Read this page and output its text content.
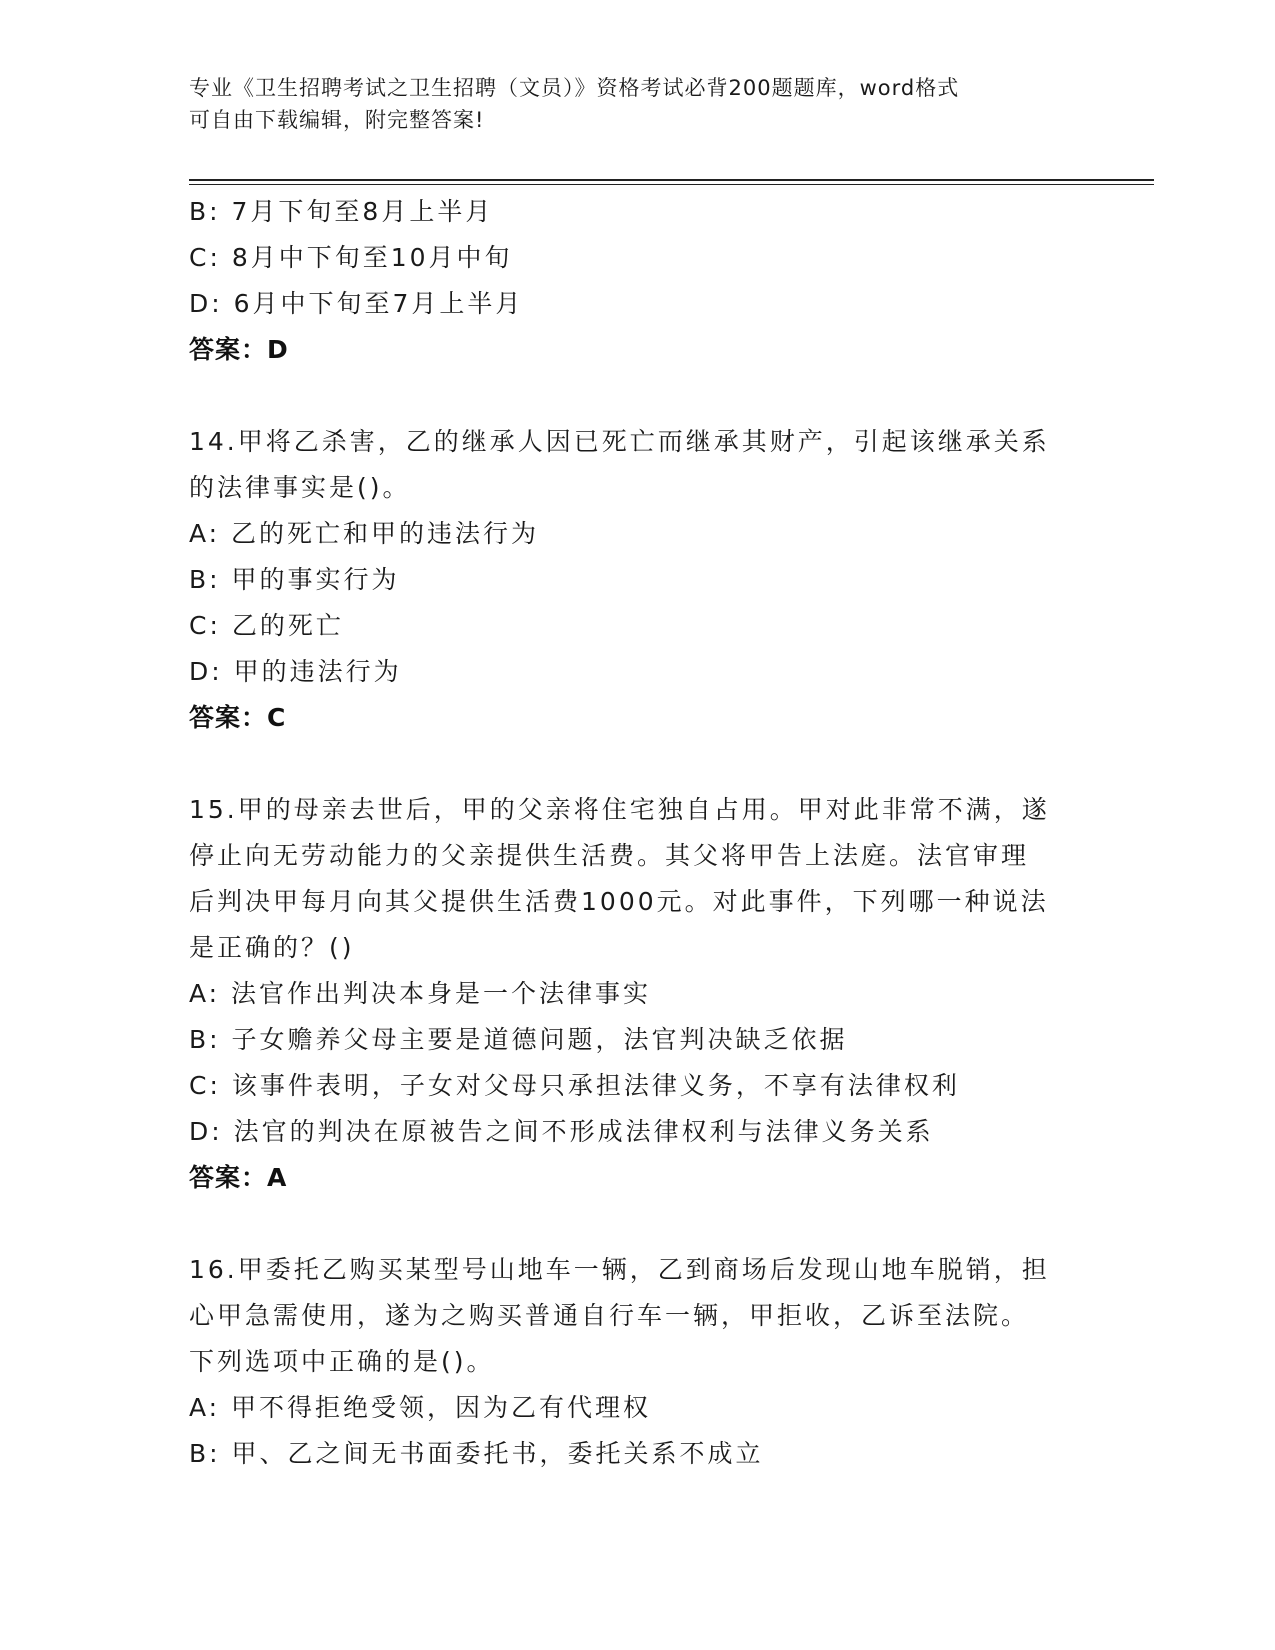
专业《卫生招聘考试之卫生招聘（文员）》资格考试必背200题题库，word格式
可自由下载编辑，附完整答案!

B: 7月下旬至8月上半月

C: 8月中下旬至10月中旬

D: 6月中下旬至7月上半月

答案：D

14.甲将乙杀害，乙的继承人因已死亡而继承其财产，引起该继承关系

的法律事实是()。

A: 乙的死亡和甲的违法行为

B: 甲的事实行为

C: 乙的死亡

D: 甲的违法行为

答案：C

15.甲的母亲去世后，甲的父亲将住宅独自占用。甲对此非常不满，遂

停止向无劳动能力的父亲提供生活费。其父将甲告上法庭。法官审理

后判决甲每月向其父提供生活费1000元。对此事件，下列哪一种说法

是正确的？()

A: 法官作出判决本身是一个法律事实

B: 子女赡养父母主要是道德问题，法官判决缺乏依据

C: 该事件表明，子女对父母只承担法律义务，不享有法律权利

D: 法官的判决在原被告之间不形成法律权利与法律义务关系

答案：A

16.甲委托乙购买某型号山地车一辆，乙到商场后发现山地车脱销，担

心甲急需使用，遂为之购买普通自行车一辆，甲拒收，乙诉至法院。

下列选项中正确的是()。

A: 甲不得拒绝受领，因为乙有代理权

B: 甲、乙之间无书面委托书，委托关系不成立
